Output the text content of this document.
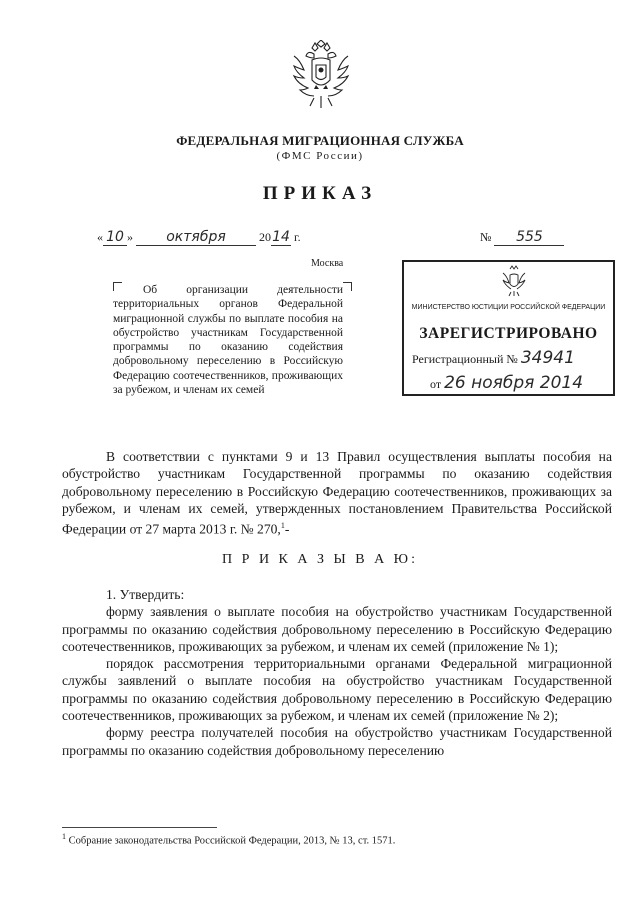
ФЕДЕРАЛЬНАЯ МИГРАЦИОННАЯ СЛУЖБА
(ФМС России)
ПРИКАЗ
« 10 » октября	2014 г.	№ 555
Москва
Об организации деятельности территориальных органов Федеральной миграционной службы по выплате пособия на обустройство участникам Государственной программы по оказанию содействия добровольному переселению в Российскую Федерацию соотечественников, проживающих за рубежом, и членам их семей
МИНИСТЕРСТВО ЮСТИЦИИ РОССИЙСКОЙ ФЕДЕРАЦИИ
ЗАРЕГИСТРИРОВАНО
Регистрационный № 34941
от 26 ноября 2014
В соответствии с пунктами 9 и 13 Правил осуществления выплаты пособия на обустройство участникам Государственной программы по оказанию содействия добровольному переселению в Российскую Федерацию соотечественников, проживающих за рубежом, и членам их семей, утвержденных постановлением Правительства Российской Федерации от 27 марта 2013 г. № 270,$^1$-
П Р И К А З Ы В А Ю:
1. Утвердить:
форму заявления о выплате пособия на обустройство участникам Государственной программы по оказанию содействия добровольному переселению в Российскую Федерацию соотечественников, проживающих за рубежом, и членам их семей (приложение № 1);
порядок рассмотрения территориальными органами Федеральной миграционной службы заявлений о выплате пособия на обустройство участникам Государственной программы по оказанию содействия добровольному переселению в Российскую Федерацию соотечественников, проживающих за рубежом, и членам их семей (приложение № 2);
форму реестра получателей пособия на обустройство участникам Государственной программы по оказанию содействия добровольному переселению
$^1$ Собрание законодательства Российской Федерации, 2013, № 13, ст. 1571.
